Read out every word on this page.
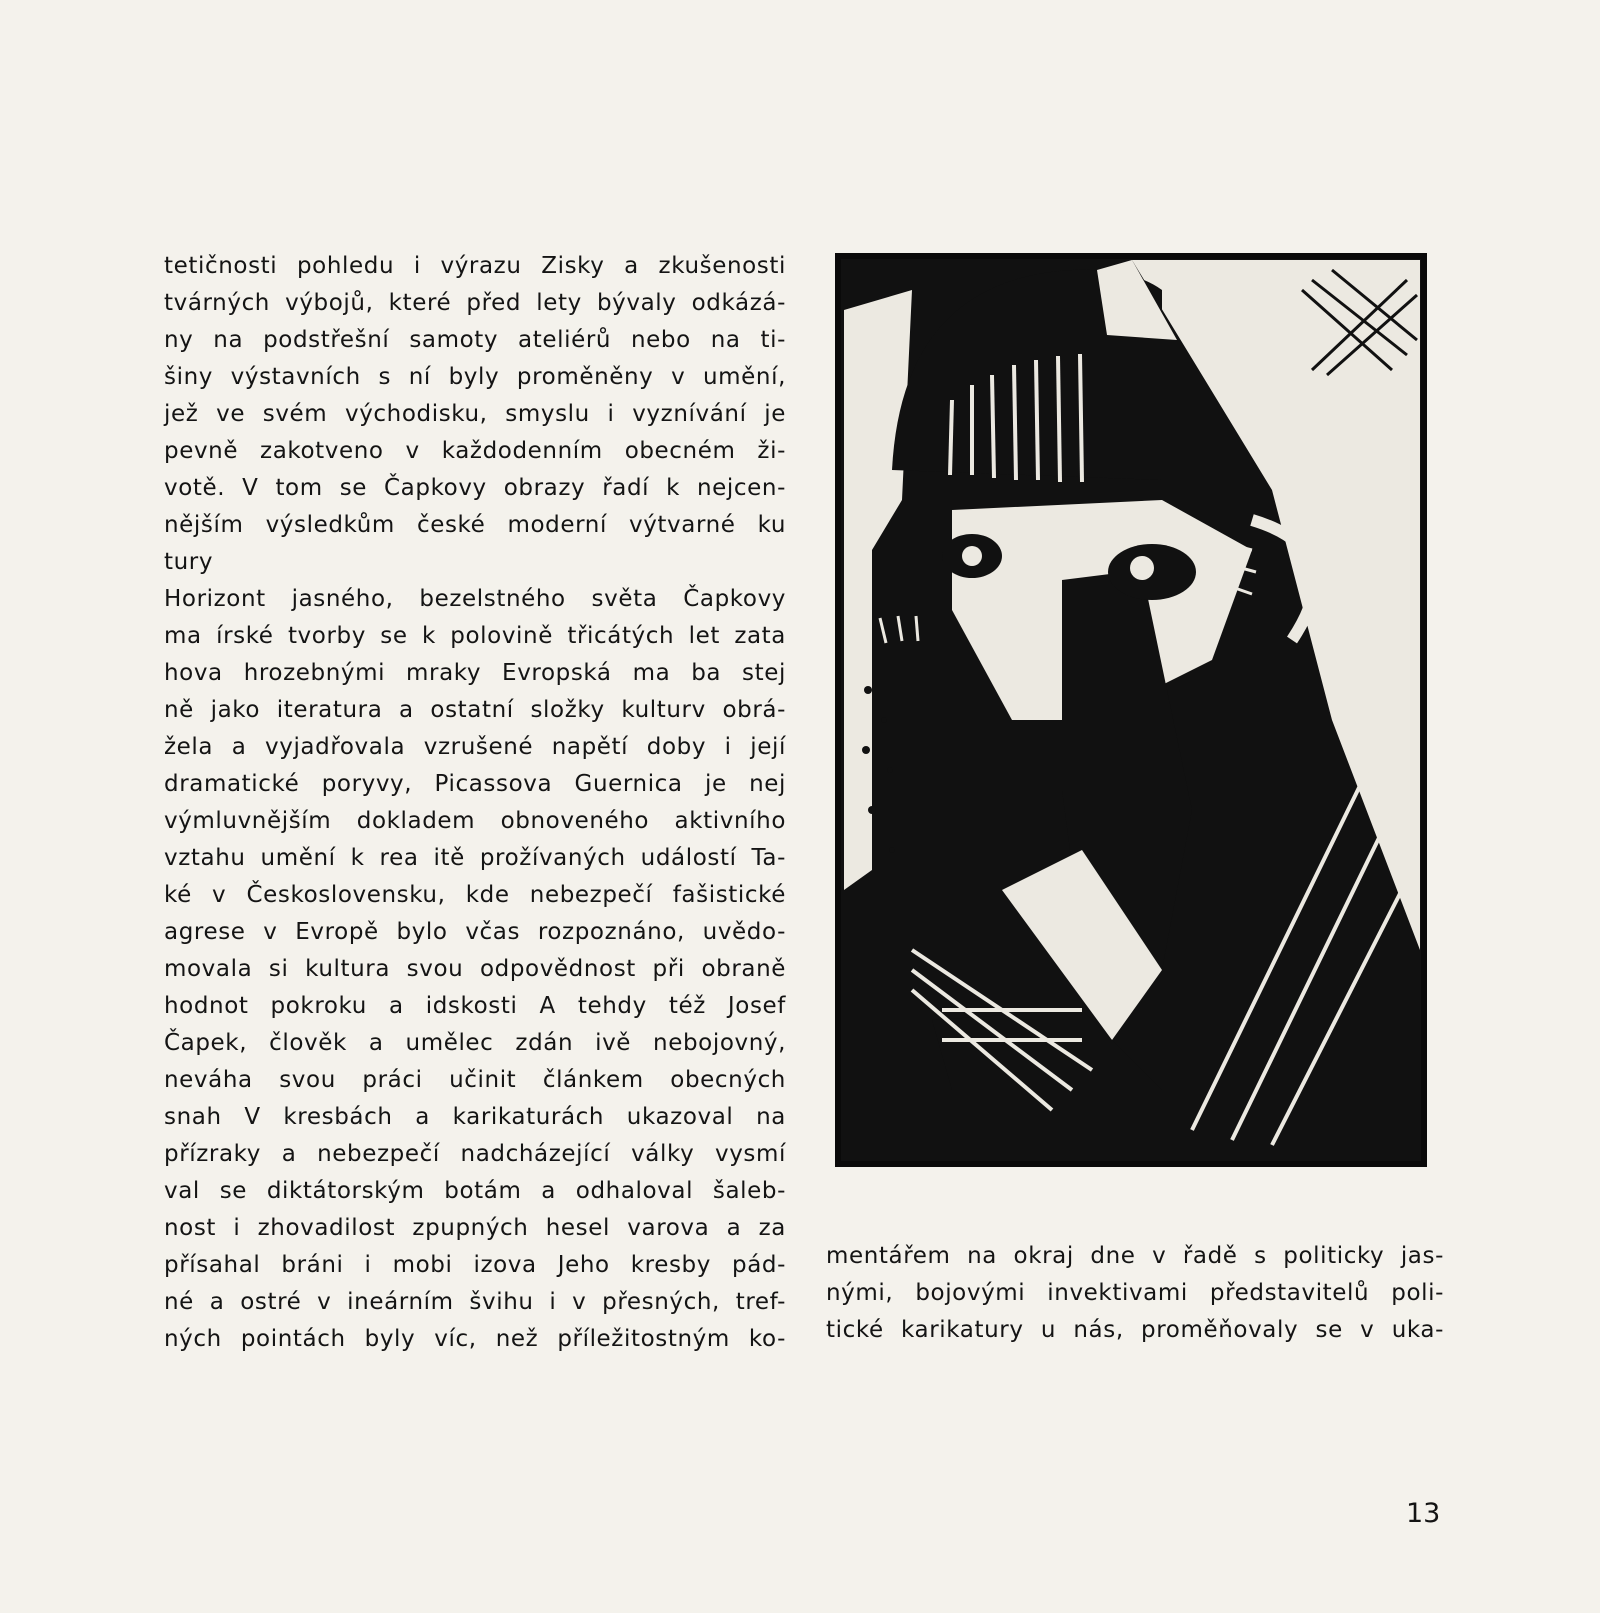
tetičnosti pohledu i výrazu Zisky a zkušenosti
tvárných výbojů, které před lety bývaly odkázá-
ny na podstřešní samoty ateliérů nebo na ti-
šiny výstavních s ní byly proměněny v umění,
jež ve svém východisku, smyslu i vyznívání je
pevně zakotveno v každodenním obecném ži-
votě. V tom se Čapkovy obrazy řadí k nejcen-
nějším výsledkům české moderní výtvarné ku
tury
Horizont jasného, bezelstného světa Čapkovy
ma írské tvorby se k polovině třicátých let zata
hova hrozebnými mraky Evropská ma ba stej
ně jako iteratura a ostatní složky kulturv obrá-
žela a vyjadřovala vzrušené napětí doby i její
dramatické poryvy, Picassova Guernica je nej
výmluvnějším dokladem obnoveného aktivního
vztahu umění k rea itě prožívaných událostí Ta-
ké v Československu, kde nebezpečí fašistické
agrese v Evropě bylo včas rozpoznáno, uvědo-
movala si kultura svou odpovědnost při obraně
hodnot pokroku a idskosti A tehdy též Josef
Čapek, člověk a umělec zdán ivě nebojovný,
neváha svou práci učinit článkem obecných
snah V kresbách a karikaturách ukazoval na
přízraky a nebezpečí nadcházející války vysmí
val se diktátorským botám a odhaloval šaleb-
nost i zhovadilost zpupných hesel varova a za
přísahal bráni i mobi izova Jeho kresby pád-
né a ostré v ineárním švihu i v přesných, tref-
ných pointách byly víc, než příležitostným ko-
mentářem na okraj dne v řadě s politicky jas-
nými, bojovými invektivami představitelů poli-
tické karikatury u nás, proměňovaly se v uka-
13
